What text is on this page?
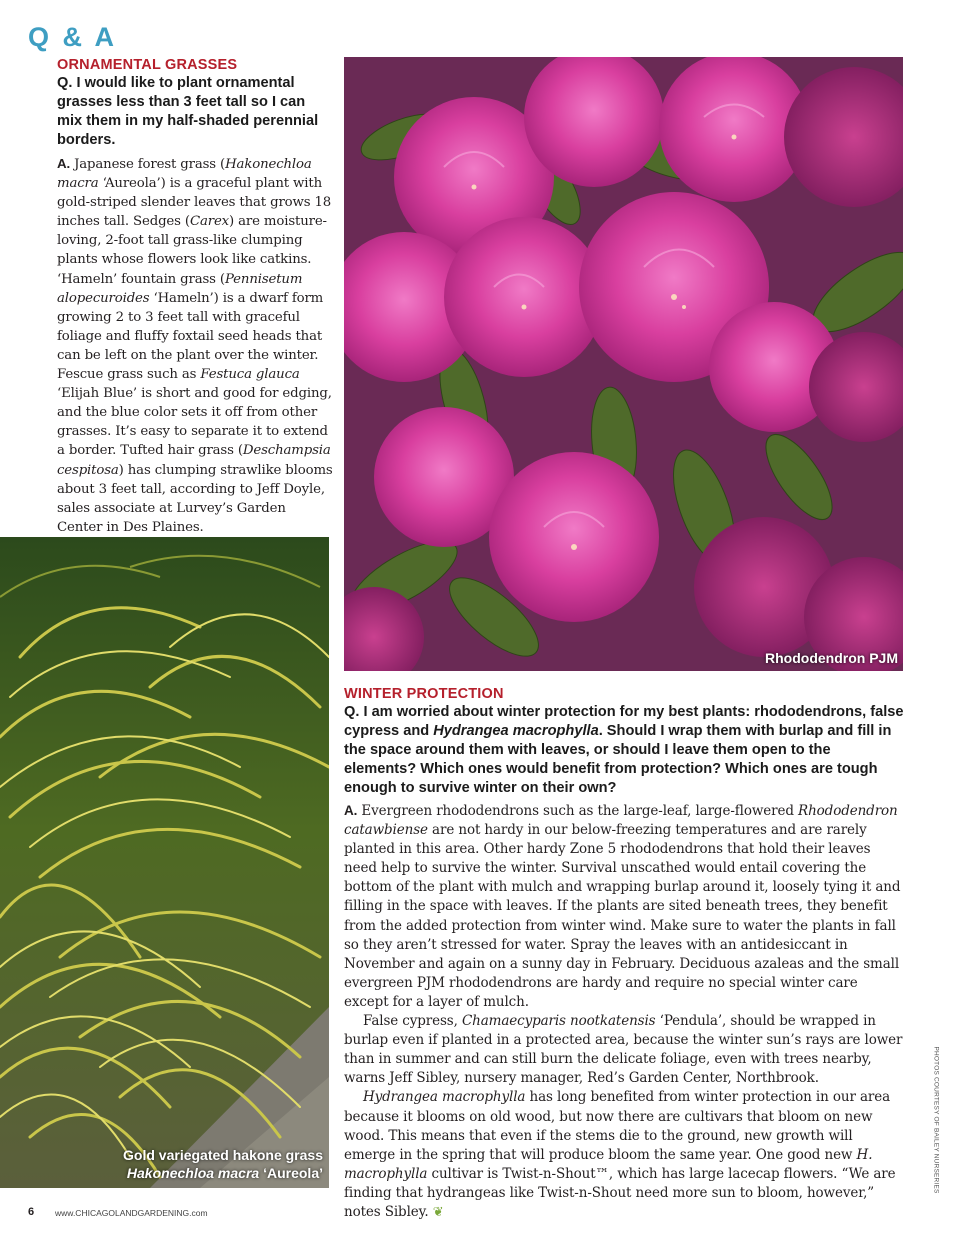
Q & A
ORNAMENTAL GRASSES

Q. I would like to plant ornamental grasses less than 3 feet tall so I can mix them in my half-shaded perennial borders.

A. Japanese forest grass (Hakonechloa macra ‘Aureola’) is a graceful plant with gold-striped slender leaves that grows 18 inches tall. Sedges (Carex) are moisture-loving, 2-foot tall grass-like clumping plants whose flowers look like catkins. ‘Hameln’ fountain grass (Pennisetum alopecuroides ‘Hameln’) is a dwarf form growing 2 to 3 feet tall with graceful foliage and fluffy foxtail seed heads that can be left on the plant over the winter. Fescue grass such as Festuca glauca ‘Elijah Blue’ is short and good for edging, and the blue color sets it off from other grasses. It’s easy to separate it to extend a border. Tufted hair grass (Deschampsia cespitosa) has clumping strawlike blooms about 3 feet tall, according to Jeff Doyle, sales associate at Lurvey’s Garden Center in Des Plaines.

Rhododendron PJM
Gold variegated hakone grass
Hakonechloa macra ‘Aureola’
WINTER PROTECTION

Q. I am worried about winter protection for my best plants: rhododendrons, false cypress and Hydrangea macrophylla. Should I wrap them with burlap and fill in the space around them with leaves, or should I leave them open to the elements? Which ones would benefit from protection? Which ones are tough enough to survive winter on their own?

A. Evergreen rhododendrons such as the large-leaf, large-flowered Rhododendron catawbiense are not hardy in our below-freezing temperatures and are rarely planted in this area. Other hardy Zone 5 rhododendrons that hold their leaves need help to survive the winter. Survival unscathed would entail covering the bottom of the plant with mulch and wrapping burlap around it, loosely tying it and filling in the space with leaves. If the plants are sited beneath trees, they benefit from the added protection from winter wind. Make sure to water the plants in fall so they aren’t stressed for water. Spray the leaves with an antidesiccant in November and again on a sunny day in February. Deciduous azaleas and the small evergreen PJM rhododendrons are hardy and require no special winter care except for a layer of mulch.

False cypress, Chamaecyparis nootkatensis ‘Pendula’, should be wrapped in burlap even if planted in a protected area, because the winter sun’s rays are lower than in summer and can still burn the delicate foliage, even with trees nearby, warns Jeff Sibley, nursery manager, Red’s Garden Center, Northbrook.

Hydrangea macrophylla has long benefited from winter protection in our area because it blooms on old wood, but now there are cultivars that bloom on new wood. This means that even if the stems die to the ground, new growth will emerge in the spring that will produce bloom the same year. One good new H. macrophylla cultivar is Twist-n-Shout™, which has large lacecap flowers. “We are finding that hydrangeas like Twist-n-Shout need more sun to bloom, however,” notes Sibley. ❦

PHOTOS COURTESY OF BAILEY NURSERIES
6 www.CHICAGOLANDGARDENING.com
